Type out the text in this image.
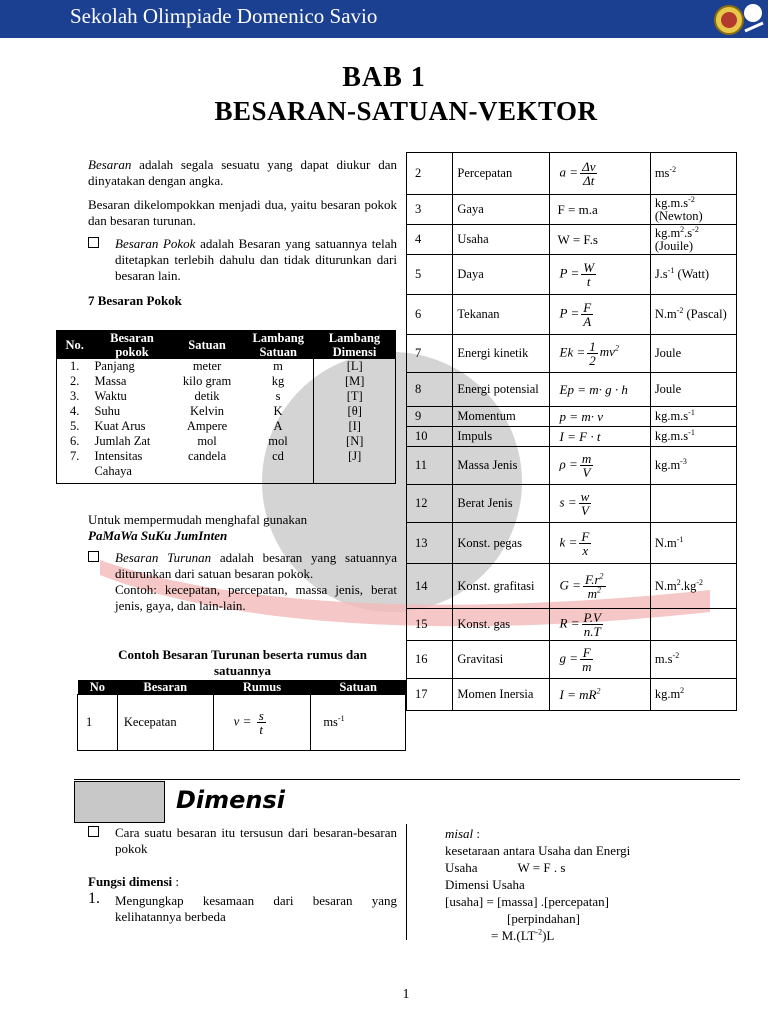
Sekolah Olimpiade Domenico Savio
BAB 1
BESARAN-SATUAN-VEKTOR
Besaran adalah segala sesuatu yang dapat diukur dan dinyatakan dengan angka.
Besaran dikelompokkan menjadi dua, yaitu besaran pokok dan besaran turunan.
Besaran Pokok adalah Besaran yang satuannya telah ditetapkan terlebih dahulu dan tidak diturunkan dari besaran lain.
7 Besaran Pokok
No.	Besaran pokok	Satuan	Lambang Satuan	Lambang Dimensi
1.	Panjang	meter	m	[L]
2.	Massa	kilo gram	kg	[M]
3.	Waktu	detik	s	[T]
4.	Suhu	Kelvin	K	[θ]
5.	Kuat Arus	Ampere	A	[I]
6.	Jumlah Zat	mol	mol	[N]
7.	Intensitas Cahaya	candela	cd	[J]
Untuk mempermudah menghafal gunakan
PaMaWa SuKu JumInten
Besaran Turunan adalah besaran yang satuannya diturunkan dari satuan besaran pokok.
Contoh: kecepatan, percepatan, massa jenis, berat jenis, gaya, dan lain-lain.
Contoh Besaran Turunan beserta rumus dan satuannya
No	Besaran	Rumus	Satuan
1	Kecepatan	$v = \frac{s}{t}$	$ms^{-1}$
2	Percepatan	$a = \frac{\Delta v}{\Delta t}$	$ms^{-2}$
3	Gaya	F = m.a	$kg.m.s^{-2}$
(Newton)
4	Usaha	W = F.s	$kg.m^2.s^{-2}$
(Jouile)
5	Daya	$P = \frac{W}{t}$	$J.s^{-1}$ (Watt)
6	Tekanan	$P = \frac{F}{A}$	$N.m^{-2}$ (Pascal)
7	Energi kinetik	$Ek = \frac{1}{2} mv^2$	Joule
8	Energi potensial	Ep = m· g · h	Joule
9	Momentum	p = m· v	$kg.m.s^{-1}$
10	Impuls	I = F · t	$kg.m.s^{-1}$
11	Massa Jenis	$\rho = \frac{m}{V}$	$kg.m^{-3}$
12	Berat Jenis	$s = \frac{w}{V}$

13	Konst. pegas	$k = \frac{F}{x}$	$N.m^{-1}$
14	Konst. grafitasi	$G = \frac{F.r^2}{m^2}$	$N.m^2.kg^{-2}$
15	Konst. gas	$R = \frac{P.V}{n.T}$

16	Gravitasi	$g = \frac{F}{m}$	$m.s^{-2}$
17	Momen Inersia	$I = mR^2$	$kg.m^2$
Dimensi
Cara suatu besaran itu tersusun dari besaran-besaran pokok
Fungsi dimensi :
1. Mengungkap kesamaan dari besaran yang kelihatannya berbeda
misal :
kesetaraan antara Usaha dan Energi
Usaha	W = F . s
Dimensi Usaha
[usaha] = [massa] .[percepatan]
[perpindahan]
= $M.(LT^{-2})L$
1
